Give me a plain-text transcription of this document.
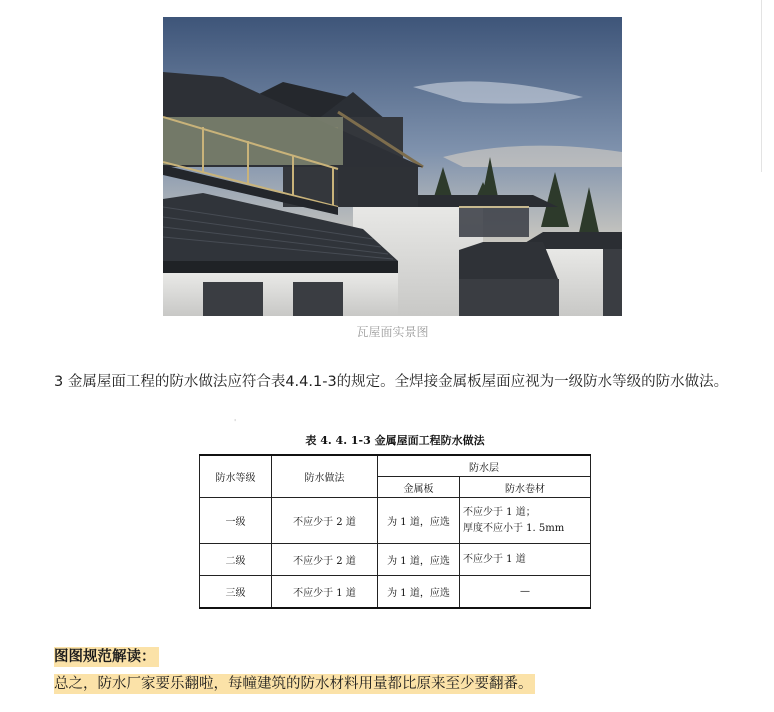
瓦屋面实景图
3 金属屋面工程的防水做法应符合表4.4.1-3的规定。全焊接金属板屋面应视为一级防水等级的防水做法。
'
表 4. 4. 1-3 金属屋面工程防水做法
防水等级	防水做法	防水层	
		金属板	防水卷材
一级	不应少于 2 道	为 1 道，应选	不应少于 1 道；
厚度不应小于 1. 5mm

二级	不应少于 2 道	为 1 道，应选	不应少于 1 道
三级	不应少于 1 道	为 1 道，应选	—
图图规范解读：
总之，防水厂家要乐翻啦，每幢建筑的防水材料用量都比原来至少要翻番。
